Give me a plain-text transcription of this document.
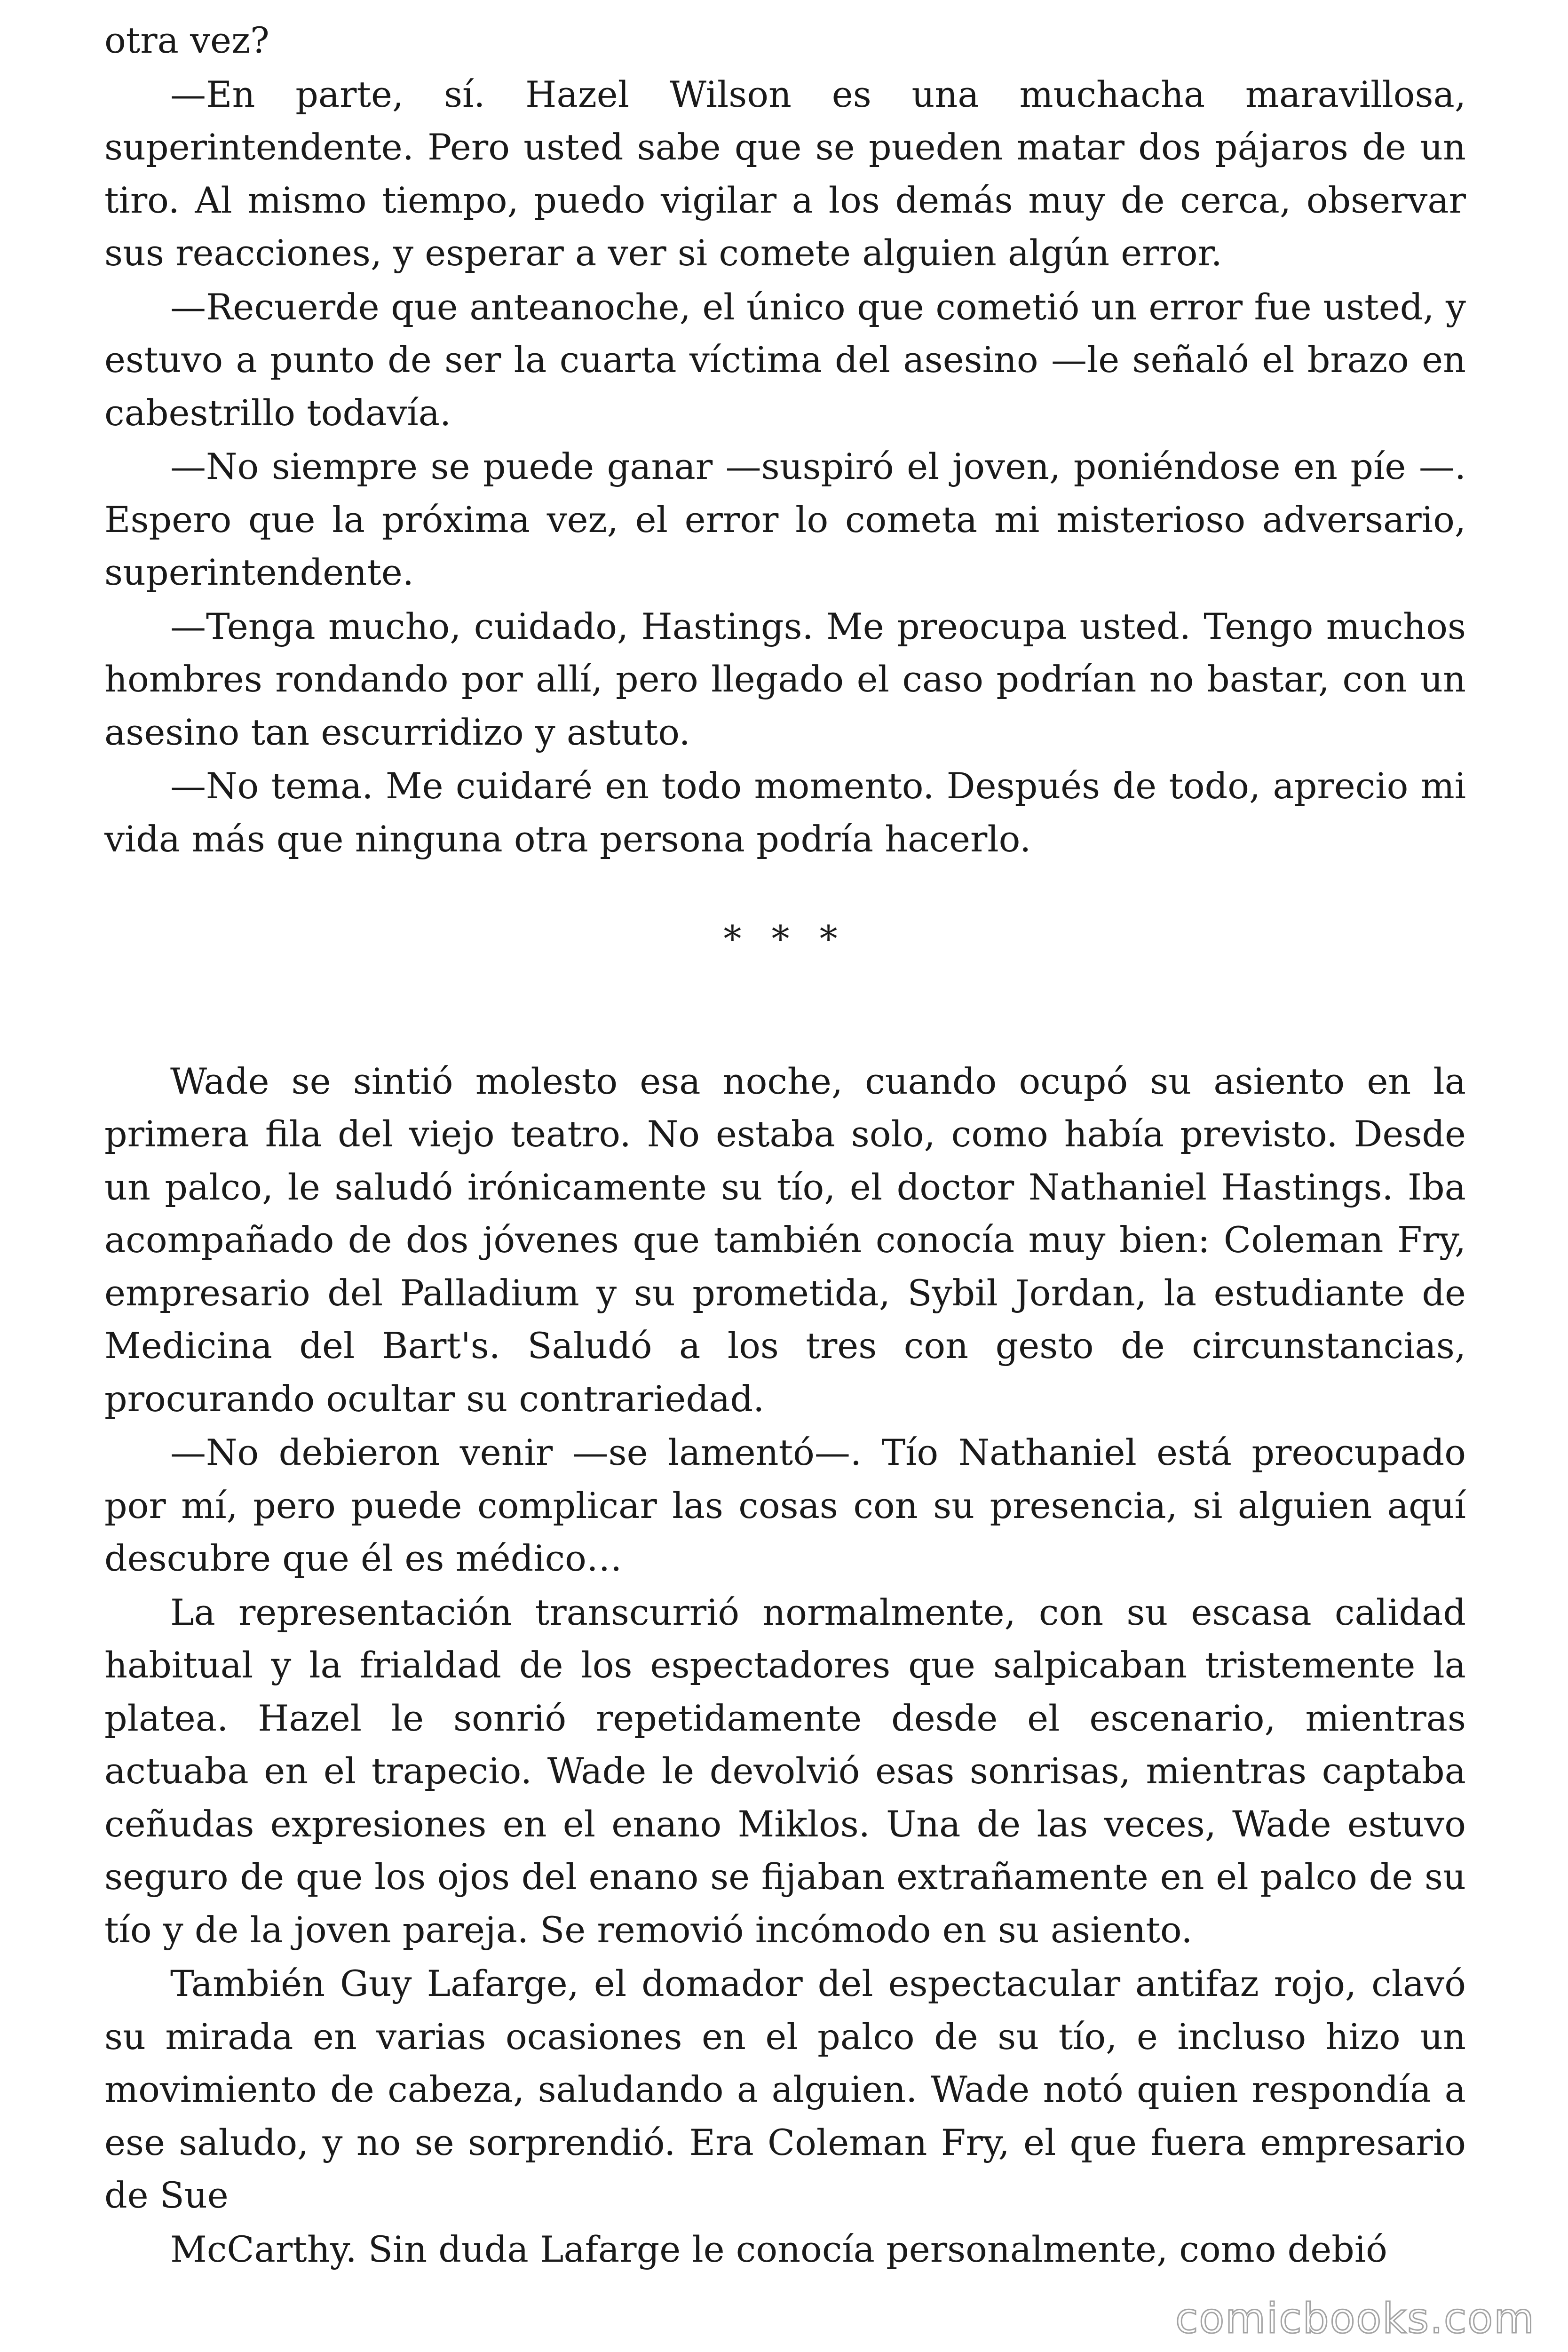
otra vez?

—En parte, sí. Hazel Wilson es una muchacha maravillosa, superintendente. Pero usted sabe que se pueden matar dos pájaros de un tiro. Al mismo tiempo, puedo vigilar a los demás muy de cerca, observar sus reacciones, y esperar a ver si comete alguien algún error.

—Recuerde que anteanoche, el único que cometió un error fue usted, y estuvo a punto de ser la cuarta víctima del asesino —le señaló el brazo en cabestrillo todavía.

—No siempre se puede ganar —suspiró el joven, poniéndose en píe —. Espero que la próxima vez, el error lo cometa mi misterioso adversario, superintendente.

—Tenga mucho, cuidado, Hastings. Me preocupa usted. Tengo muchos hombres rondando por allí, pero llegado el caso podrían no bastar, con un asesino tan escurridizo y astuto.

—No tema. Me cuidaré en todo momento. Después de todo, aprecio mi vida más que ninguna otra persona podría hacerlo.

* * *

Wade se sintió molesto esa noche, cuando ocupó su asiento en la primera fila del viejo teatro. No estaba solo, como había previsto. Desde un palco, le saludó irónicamente su tío, el doctor Nathaniel Hastings. Iba acompañado de dos jóvenes que también conocía muy bien: Coleman Fry, empresario del Palladium y su prometida, Sybil Jordan, la estudiante de Medicina del Bart's. Saludó a los tres con gesto de circunstancias, procurando ocultar su contrariedad.

—No debieron venir —se lamentó—. Tío Nathaniel está preocupado por mí, pero puede complicar las cosas con su presencia, si alguien aquí descubre que él es médico…

La representación transcurrió normalmente, con su escasa calidad habitual y la frialdad de los espectadores que salpicaban tristemente la platea. Hazel le sonrió repetidamente desde el escenario, mientras actuaba en el trapecio. Wade le devolvió esas sonrisas, mientras captaba ceñudas expresiones en el enano Miklos. Una de las veces, Wade estuvo seguro de que los ojos del enano se fijaban extrañamente en el palco de su tío y de la joven pareja. Se removió incómodo en su asiento.

También Guy Lafarge, el domador del espectacular antifaz rojo, clavó su mirada en varias ocasiones en el palco de su tío, e incluso hizo un movimiento de cabeza, saludando a alguien. Wade notó quien respondía a ese saludo, y no se sorprendió. Era Coleman Fry, el que fuera empresario de Sue

McCarthy. Sin duda Lafarge le conocía personalmente, como debió

comicbooks.com
